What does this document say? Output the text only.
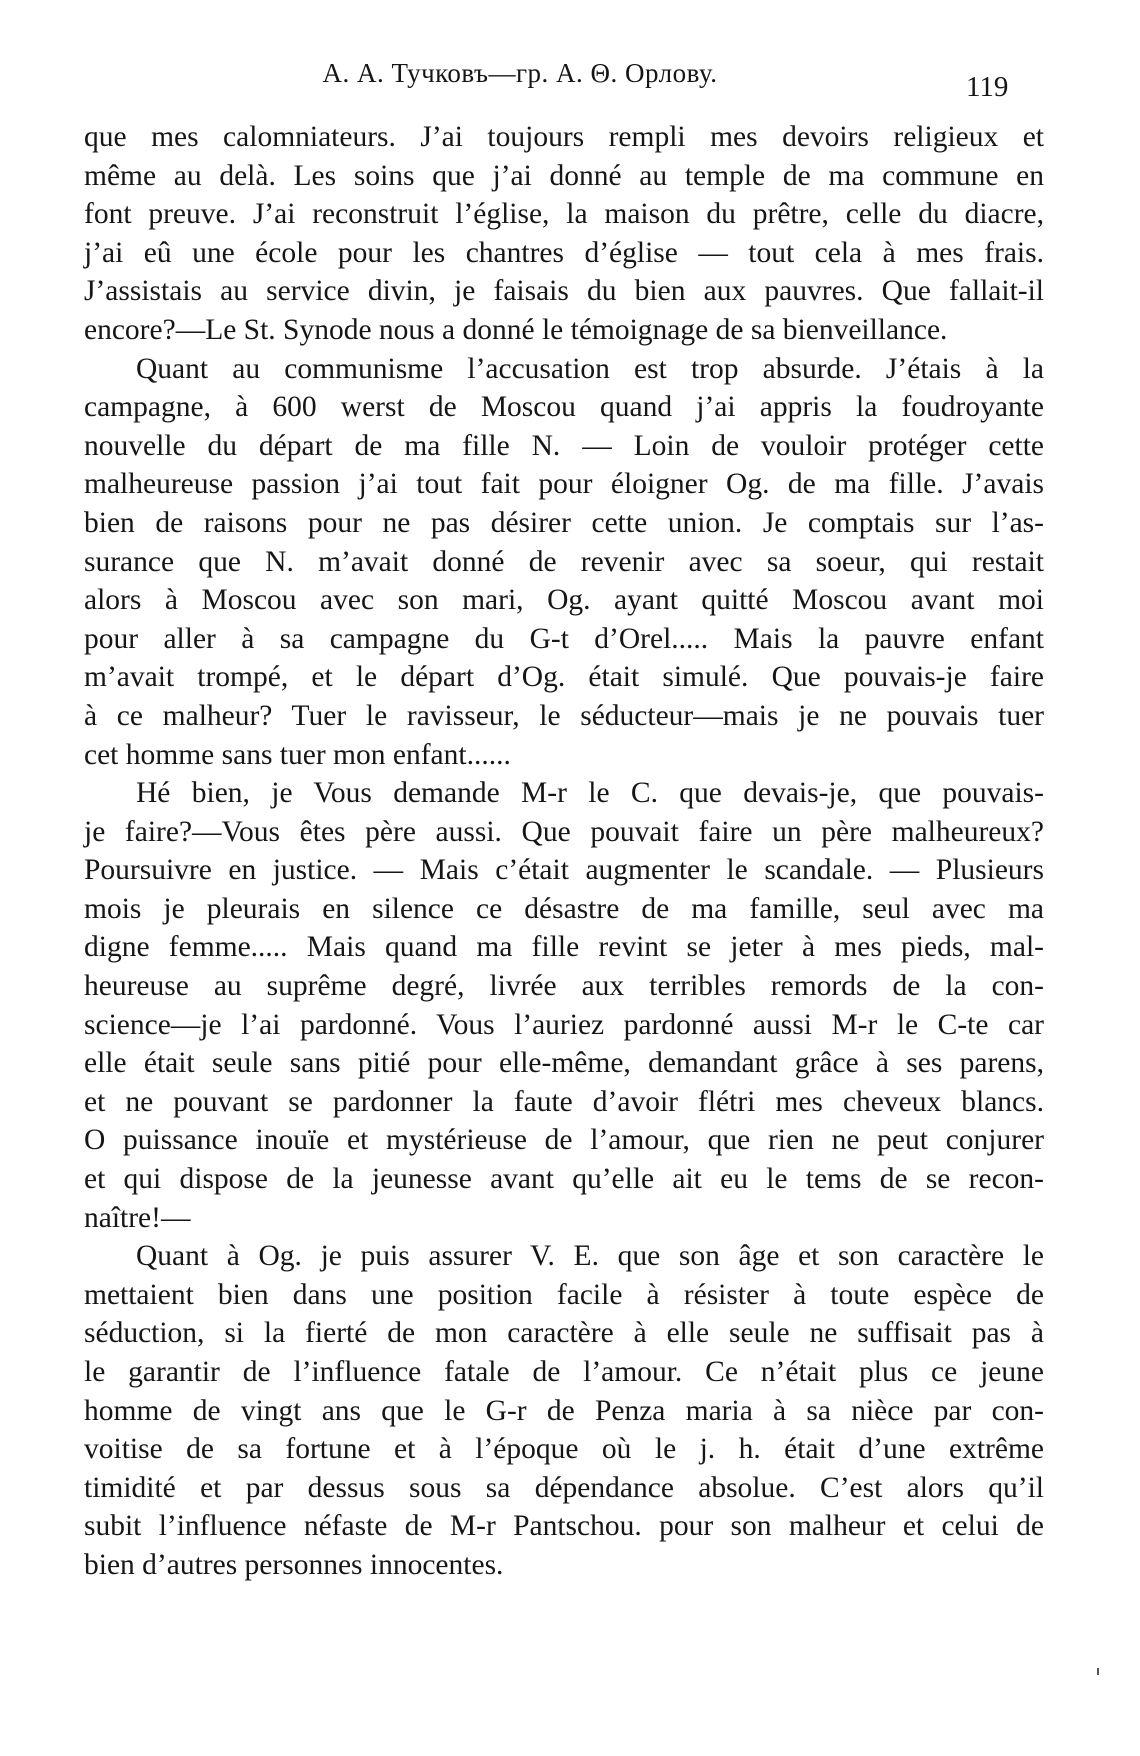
А. А. Тучковъ—гр. А. Θ. Орлову.	119
que mes calomniateurs. J’ai toujours rempli mes devoirs religieux et
même au delà. Les soins que j’ai donné au temple de ma commune en
font preuve. J’ai reconstruit l’église, la maison du prêtre, celle du diacre,
j’ai eû une école pour les chantres d’église — tout cela à mes frais.
J’assistais au service divin, je faisais du bien aux pauvres. Que fallait-il
encore?—Le St. Synode nous a donné le témoignage de sa bienveillance.
Quant au communisme l’accusation est trop absurde. J’étais à la
campagne, à 600 werst de Moscou quand j’ai appris la foudroyante
nouvelle du départ de ma fille N. — Loin de vouloir protéger cette
malheureuse passion j’ai tout fait pour éloigner Og. de ma fille. J’avais
bien de raisons pour ne pas désirer cette union. Je comptais sur l’as-
surance que N. m’avait donné de revenir avec sa soeur, qui restait
alors à Moscou avec son mari, Og. ayant quitté Moscou avant moi
pour aller à sa campagne du G-t d’Orel..... Mais la pauvre enfant
m’avait trompé, et le départ d’Og. était simulé. Que pouvais-je faire
à ce malheur? Tuer le ravisseur, le séducteur—mais je ne pouvais tuer
cet homme sans tuer mon enfant......
Hé bien, je Vous demande M-r le C. que devais-je, que pouvais-
je faire?—Vous êtes père aussi. Que pouvait faire un père malheureux?
Poursuivre en justice. — Mais c’était augmenter le scandale. — Plusieurs
mois je pleurais en silence ce désastre de ma famille, seul avec ma
digne femme..... Mais quand ma fille revint se jeter à mes pieds, mal-
heureuse au suprême degré, livrée aux terribles remords de la con-
science—je l’ai pardonné. Vous l’auriez pardonné aussi M-r le C-te car
elle était seule sans pitié pour elle-même, demandant grâce à ses parens,
et ne pouvant se pardonner la faute d’avoir flétri mes cheveux blancs.
O puissance inouïe et mystérieuse de l’amour, que rien ne peut conjurer
et qui dispose de la jeunesse avant qu’elle ait eu le tems de se recon-
naître!—
Quant à Og. je puis assurer V. E. que son âge et son caractère le
mettaient bien dans une position facile à résister à toute espèce de
séduction, si la fierté de mon caractère à elle seule ne suffisait pas à
le garantir de l’influence fatale de l’amour. Ce n’était plus ce jeune
homme de vingt ans que le G-r de Penza maria à sa nièce par con-
voitise de sa fortune et à l’époque où le j. h. était d’une extrême
timidité et par dessus sous sa dépendance absolue. C’est alors qu’il
subit l’influence néfaste de M-r Pantschou. pour son malheur et celui de
bien d’autres personnes innocentes.
